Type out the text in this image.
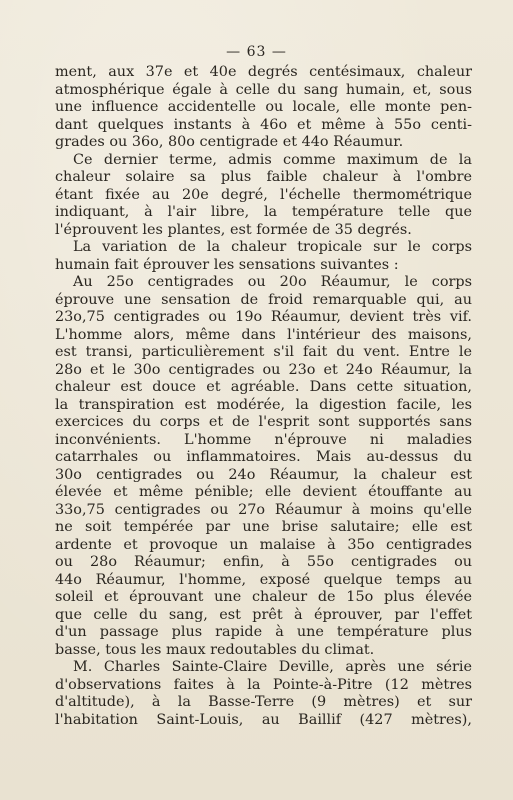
— 63 —
ment, aux 37e et 40e degrés centésimaux, chaleur
atmosphérique égale à celle du sang humain, et, sous
une influence accidentelle ou locale, elle monte pen-
dant quelques instants à 46o et même à 55o centi-
grades ou 36o, 80o centigrade et 44o Réaumur.
Ce dernier terme, admis comme maximum de la
chaleur solaire sa plus faible chaleur à l'ombre
étant fixée au 20e degré, l'échelle thermométrique
indiquant, à l'air libre, la température telle que
l'éprouvent les plantes, est formée de 35 degrés.
La variation de la chaleur tropicale sur le corps
humain fait éprouver les sensations suivantes :
Au 25o centigrades ou 20o Réaumur, le corps
éprouve une sensation de froid remarquable qui, au
23o,75 centigrades ou 19o Réaumur, devient très vif.
L'homme alors, même dans l'intérieur des maisons,
est transi, particulièrement s'il fait du vent. Entre le
28o et le 30o centigrades ou 23o et 24o Réaumur, la
chaleur est douce et agréable. Dans cette situation,
la transpiration est modérée, la digestion facile, les
exercices du corps et de l'esprit sont supportés sans
inconvénients. L'homme n'éprouve ni maladies
catarrhales ou inflammatoires. Mais au-dessus du
30o centigrades ou 24o Réaumur, la chaleur est
élevée et même pénible; elle devient étouffante au
33o,75 centigrades ou 27o Réaumur à moins qu'elle
ne soit tempérée par une brise salutaire; elle est
ardente et provoque un malaise à 35o centigrades
ou 28o Réaumur; enfin, à 55o centigrades ou
44o Réaumur, l'homme, exposé quelque temps au
soleil et éprouvant une chaleur de 15o plus élevée
que celle du sang, est prêt à éprouver, par l'effet
d'un passage plus rapide à une température plus
basse, tous les maux redoutables du climat.
M. Charles Sainte-Claire Deville, après une série
d'observations faites à la Pointe-à-Pitre (12 mètres
d'altitude), à la Basse-Terre (9 mètres) et sur
l'habitation Saint-Louis, au Baillif (427 mètres),
